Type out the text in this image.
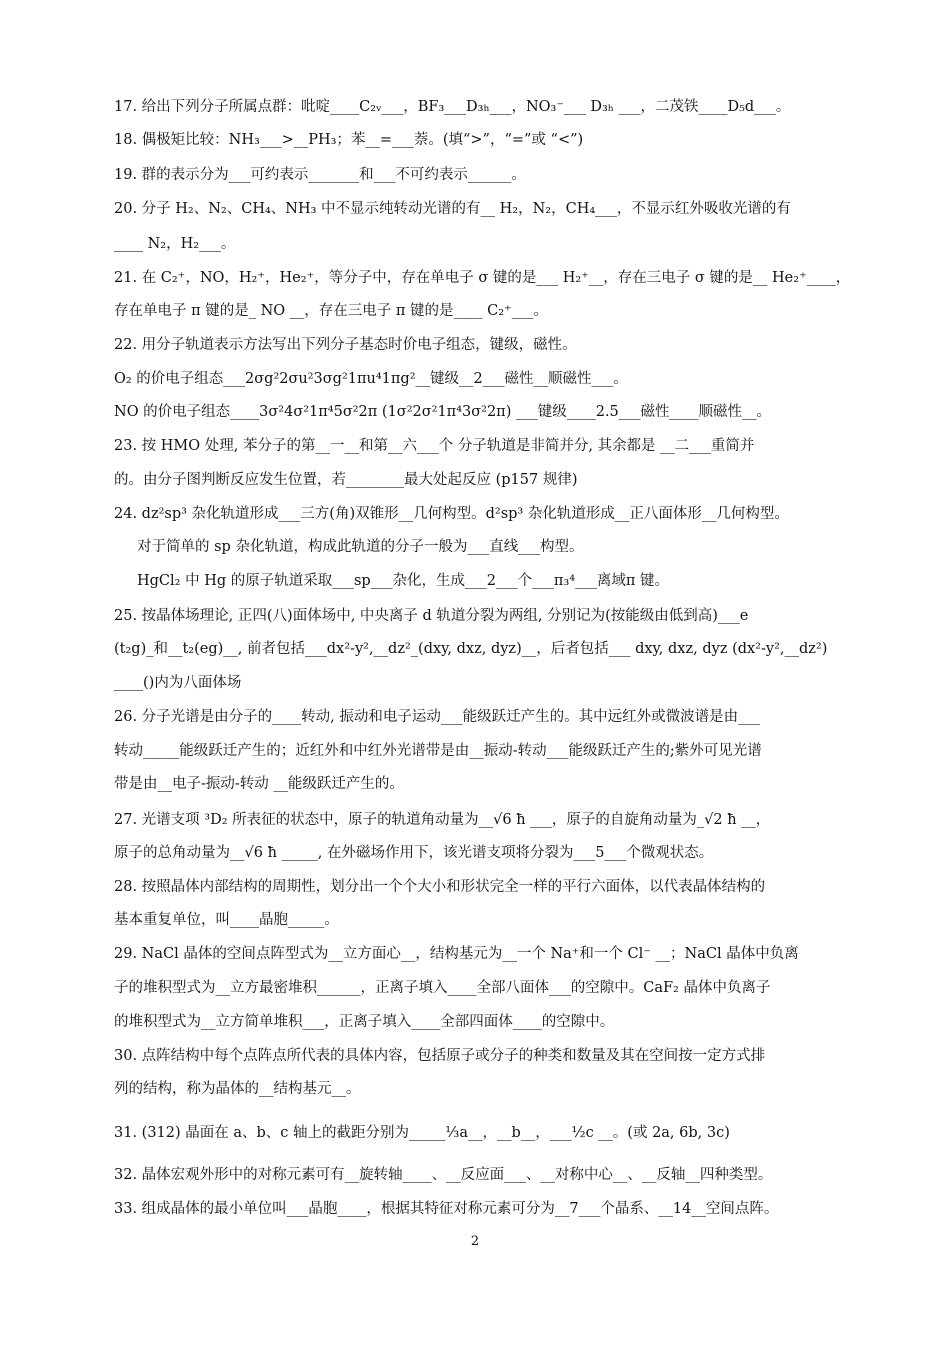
17. 给出下列分子所属点群：吡啶____C₂ᵥ___，BF₃___D₃ₕ___，NO₃⁻___ D₃ₕ ___，二茂铁____D₅d___。
18. 偶极矩比较：NH₃___>__PH₃；苯__=___萘。(填“>”，“=”或 “<”)
19. 群的表示分为___可约表示_______和___不可约表示______。
20. 分子 H₂、N₂、CH₄、NH₃ 中不显示纯转动光谱的有__ H₂，N₂，CH₄___，不显示红外吸收光谱的有
____ N₂，H₂___。
21. 在 C₂⁺，NO，H₂⁺，He₂⁺，等分子中，存在单电子 σ 键的是___ H₂⁺__，存在三电子 σ 键的是__ He₂⁺____，
存在单电子 π 键的是_ NO __，存在三电子 π 键的是____ C₂⁺___。
22. 用分子轨道表示方法写出下列分子基态时价电子组态，键级，磁性。
O₂ 的价电子组态___2σg²2σu²3σg²1πu⁴1πg²__键级__2___磁性__顺磁性___。
NO 的价电子组态____3σ²4σ²1π⁴5σ²2π (1σ²2σ²1π⁴3σ²2π) ___键级____2.5___磁性____顺磁性__。
23. 按 HMO 处理, 苯分子的第__一__和第__六___个 分子轨道是非简并分, 其余都是 __二___重简并
的。由分子图判断反应发生位置，若________最大处起反应 (p157 规律)
24. dz²sp³ 杂化轨道形成___三方(角)双锥形__几何构型。d²sp³ 杂化轨道形成__正八面体形__几何构型。
对于简单的 sp 杂化轨道，构成此轨道的分子一般为___直线___构型。
HgCl₂ 中 Hg 的原子轨道采取___sp___杂化，生成___2___个___π₃⁴___离域π 键。
25. 按晶体场理论, 正四(八)面体场中, 中央离子 d 轨道分裂为两组, 分别记为(按能级由低到高)___e
(t₂g)_和__t₂(eg)__, 前者包括___dx²-y²,__dz²_(dxy, dxz, dyz)__，后者包括___ dxy, dxz, dyz (dx²-y²,__dz²)
____()内为八面体场
26. 分子光谱是由分子的____转动, 振动和电子运动___能级跃迁产生的。其中远红外或微波谱是由___
转动_____能级跃迁产生的；近红外和中红外光谱带是由__振动-转动___能级跃迁产生的;紫外可见光谱
带是由__电子-振动-转动 __能级跃迁产生的。
27. 光谱支项 ³D₂ 所表征的状态中，原子的轨道角动量为__√6 ħ ___，原子的自旋角动量为_√2 ħ __，
原子的总角动量为__√6 ħ _____, 在外磁场作用下，该光谱支项将分裂为___5___个微观状态。
28. 按照晶体内部结构的周期性，划分出一个个大小和形状完全一样的平行六面体，以代表晶体结构的
基本重复单位，叫____晶胞_____。
29. NaCl 晶体的空间点阵型式为__立方面心__，结构基元为__一个 Na⁺和一个 Cl⁻ __；NaCl 晶体中负离
子的堆积型式为__立方最密堆积______，正离子填入____全部八面体___的空隙中。CaF₂ 晶体中负离子
的堆积型式为__立方简单堆积___，正离子填入____全部四面体____的空隙中。
30. 点阵结构中每个点阵点所代表的具体内容，包括原子或分子的种类和数量及其在空间按一定方式排
列的结构，称为晶体的__结构基元__。
31. (312) 晶面在 a、b、c 轴上的截距分别为_____⅓a__，__b__，___½c __。(或 2a, 6b, 3c)
32. 晶体宏观外形中的对称元素可有__旋转轴____、__反应面___、__对称中心__、__反轴__四种类型。
33. 组成晶体的最小单位叫___晶胞____，根据其特征对称元素可分为__7___个晶系、__14__空间点阵。
2
